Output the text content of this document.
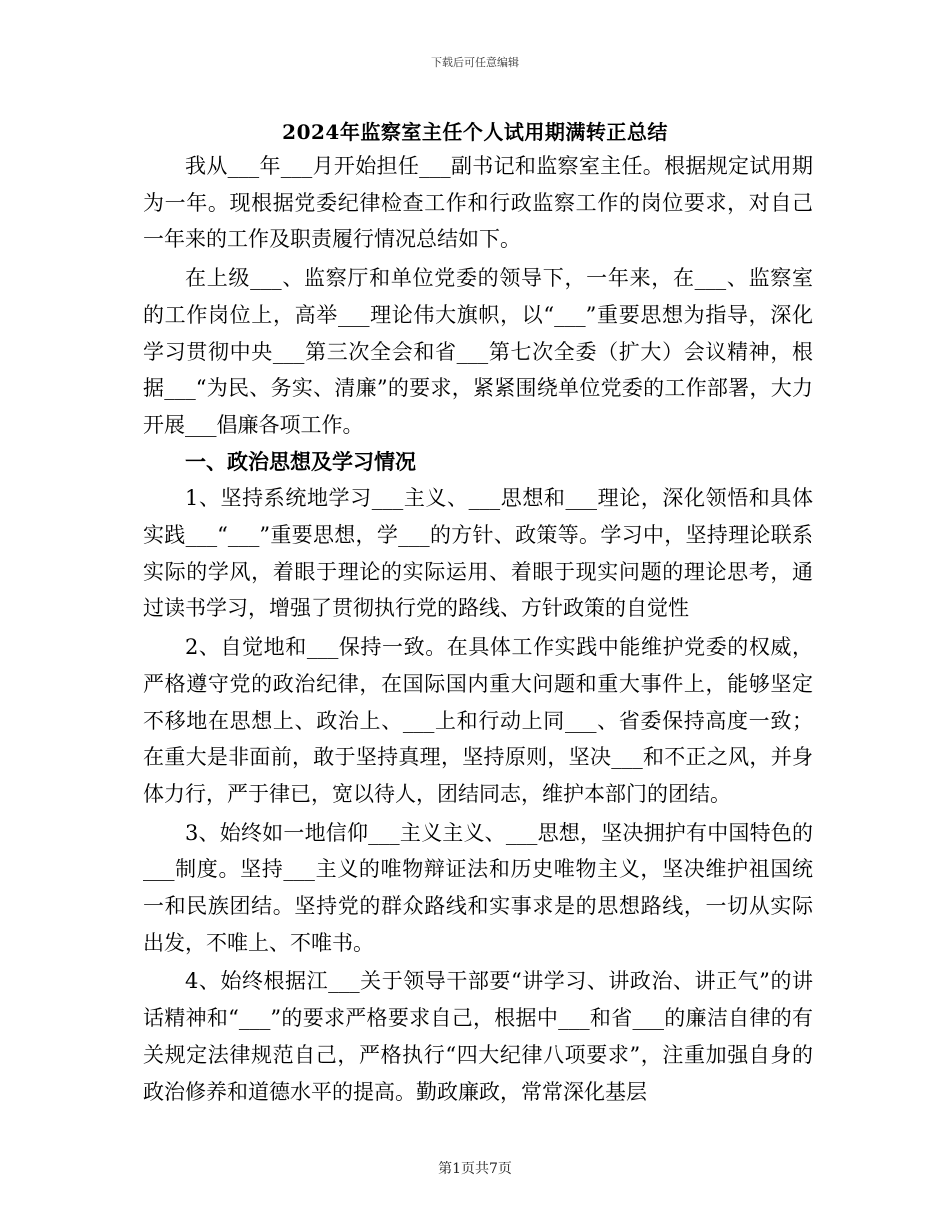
下载后可任意编辑
2024年监察室主任个人试用期满转正总结

我从___年___月开始担任___副书记和监察室主任。根据规定试用期为一年。现根据党委纪律检查工作和行政监察工作的岗位要求，对自己一年来的工作及职责履行情况总结如下。

在上级___、监察厅和单位党委的领导下，一年来，在___、监察室的工作岗位上，高举___理论伟大旗帜，以“___”重要思想为指导，深化学习贯彻中央___第三次全会和省___第七次全委（扩大）会议精神，根据___“为民、务实、清廉”的要求，紧紧围绕单位党委的工作部署，大力开展___倡廉各项工作。

一、政治思想及学习情况

1、坚持系统地学习___主义、___思想和___理论，深化领悟和具体实践___“___”重要思想，学___的方针、政策等。学习中，坚持理论联系实际的学风，着眼于理论的实际运用、着眼于现实问题的理论思考，通过读书学习，增强了贯彻执行党的路线、方针政策的自觉性

2、自觉地和___保持一致。在具体工作实践中能维护党委的权威，严格遵守党的政治纪律，在国际国内重大问题和重大事件上，能够坚定不移地在思想上、政治上、___上和行动上同___、省委保持高度一致；在重大是非面前，敢于坚持真理，坚持原则，坚决___和不正之风，并身体力行，严于律已，宽以待人，团结同志，维护本部门的团结。

3、始终如一地信仰___主义主义、___思想，坚决拥护有中国特色的___制度。坚持___主义的唯物辩证法和历史唯物主义，坚决维护祖国统一和民族团结。坚持党的群众路线和实事求是的思想路线，一切从实际出发，不唯上、不唯书。

4、始终根据江___关于领导干部要“讲学习、讲政治、讲正气”的讲话精神和“___”的要求严格要求自己，根据中___和省___的廉洁自律的有关规定法律规范自己，严格执行“四大纪律八项要求”，注重加强自身的政治修养和道德水平的提高。勤政廉政，常常深化基层

第1页共7页
